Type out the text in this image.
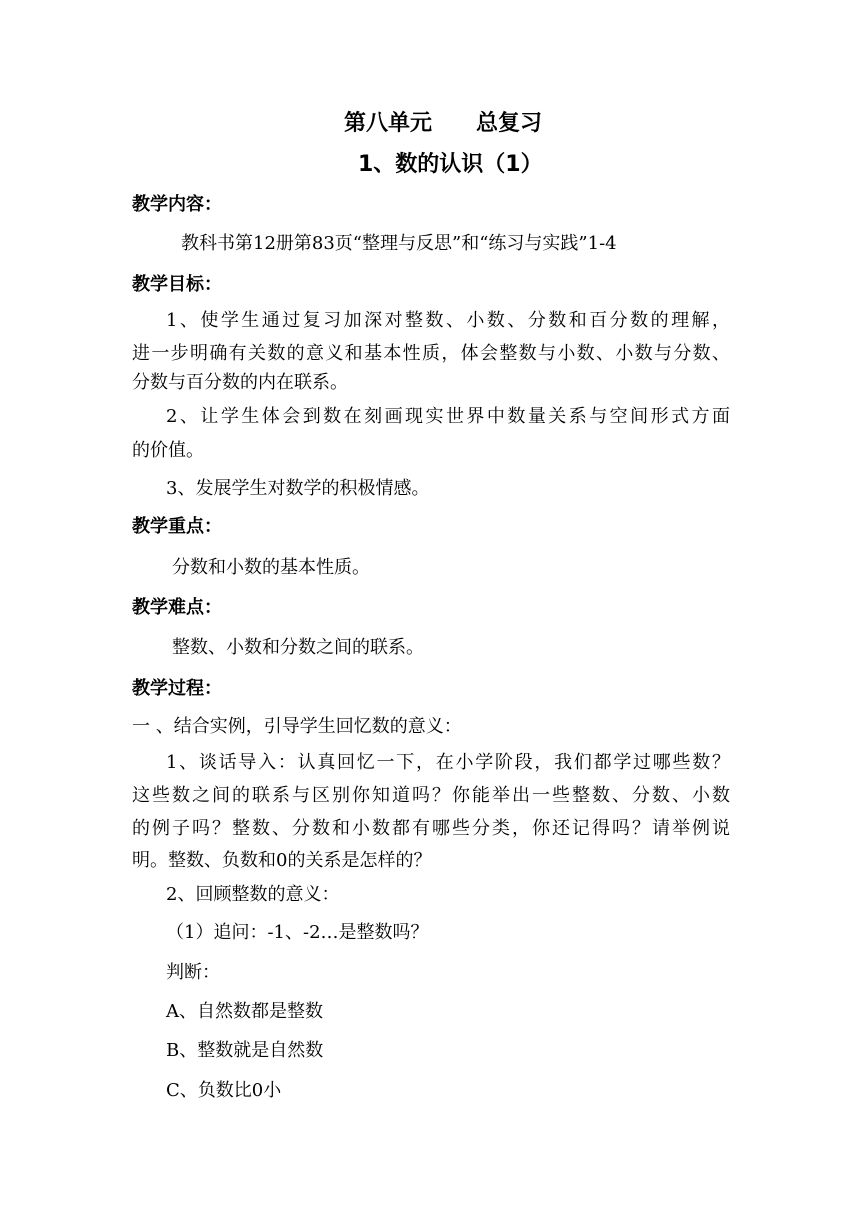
第八单元　　总复习
1、数的认识（1）
教学内容：
教科书第12册第83页“整理与反思”和“练习与实践”1-4
教学目标：
1、使学生通过复习加深对整数、小数、分数和百分数的理解，
进一步明确有关数的意义和基本性质，体会整数与小数、小数与分数、
分数与百分数的内在联系。
2、让学生体会到数在刻画现实世界中数量关系与空间形式方面
的价值。
3、发展学生对数学的积极情感。
教学重点：
分数和小数的基本性质。
教学难点：
整数、小数和分数之间的联系。
教学过程：
一 、结合实例，引导学生回忆数的意义：
1、谈话导入：认真回忆一下，在小学阶段，我们都学过哪些数？
这些数之间的联系与区别你知道吗？你能举出一些整数、分数、小数
的例子吗？整数、分数和小数都有哪些分类，你还记得吗？请举例说
明。整数、负数和0的关系是怎样的？
2、回顾整数的意义：
（1）追问：-1、-2…是整数吗？
判断：
A、自然数都是整数
B、整数就是自然数
C、负数比0小
